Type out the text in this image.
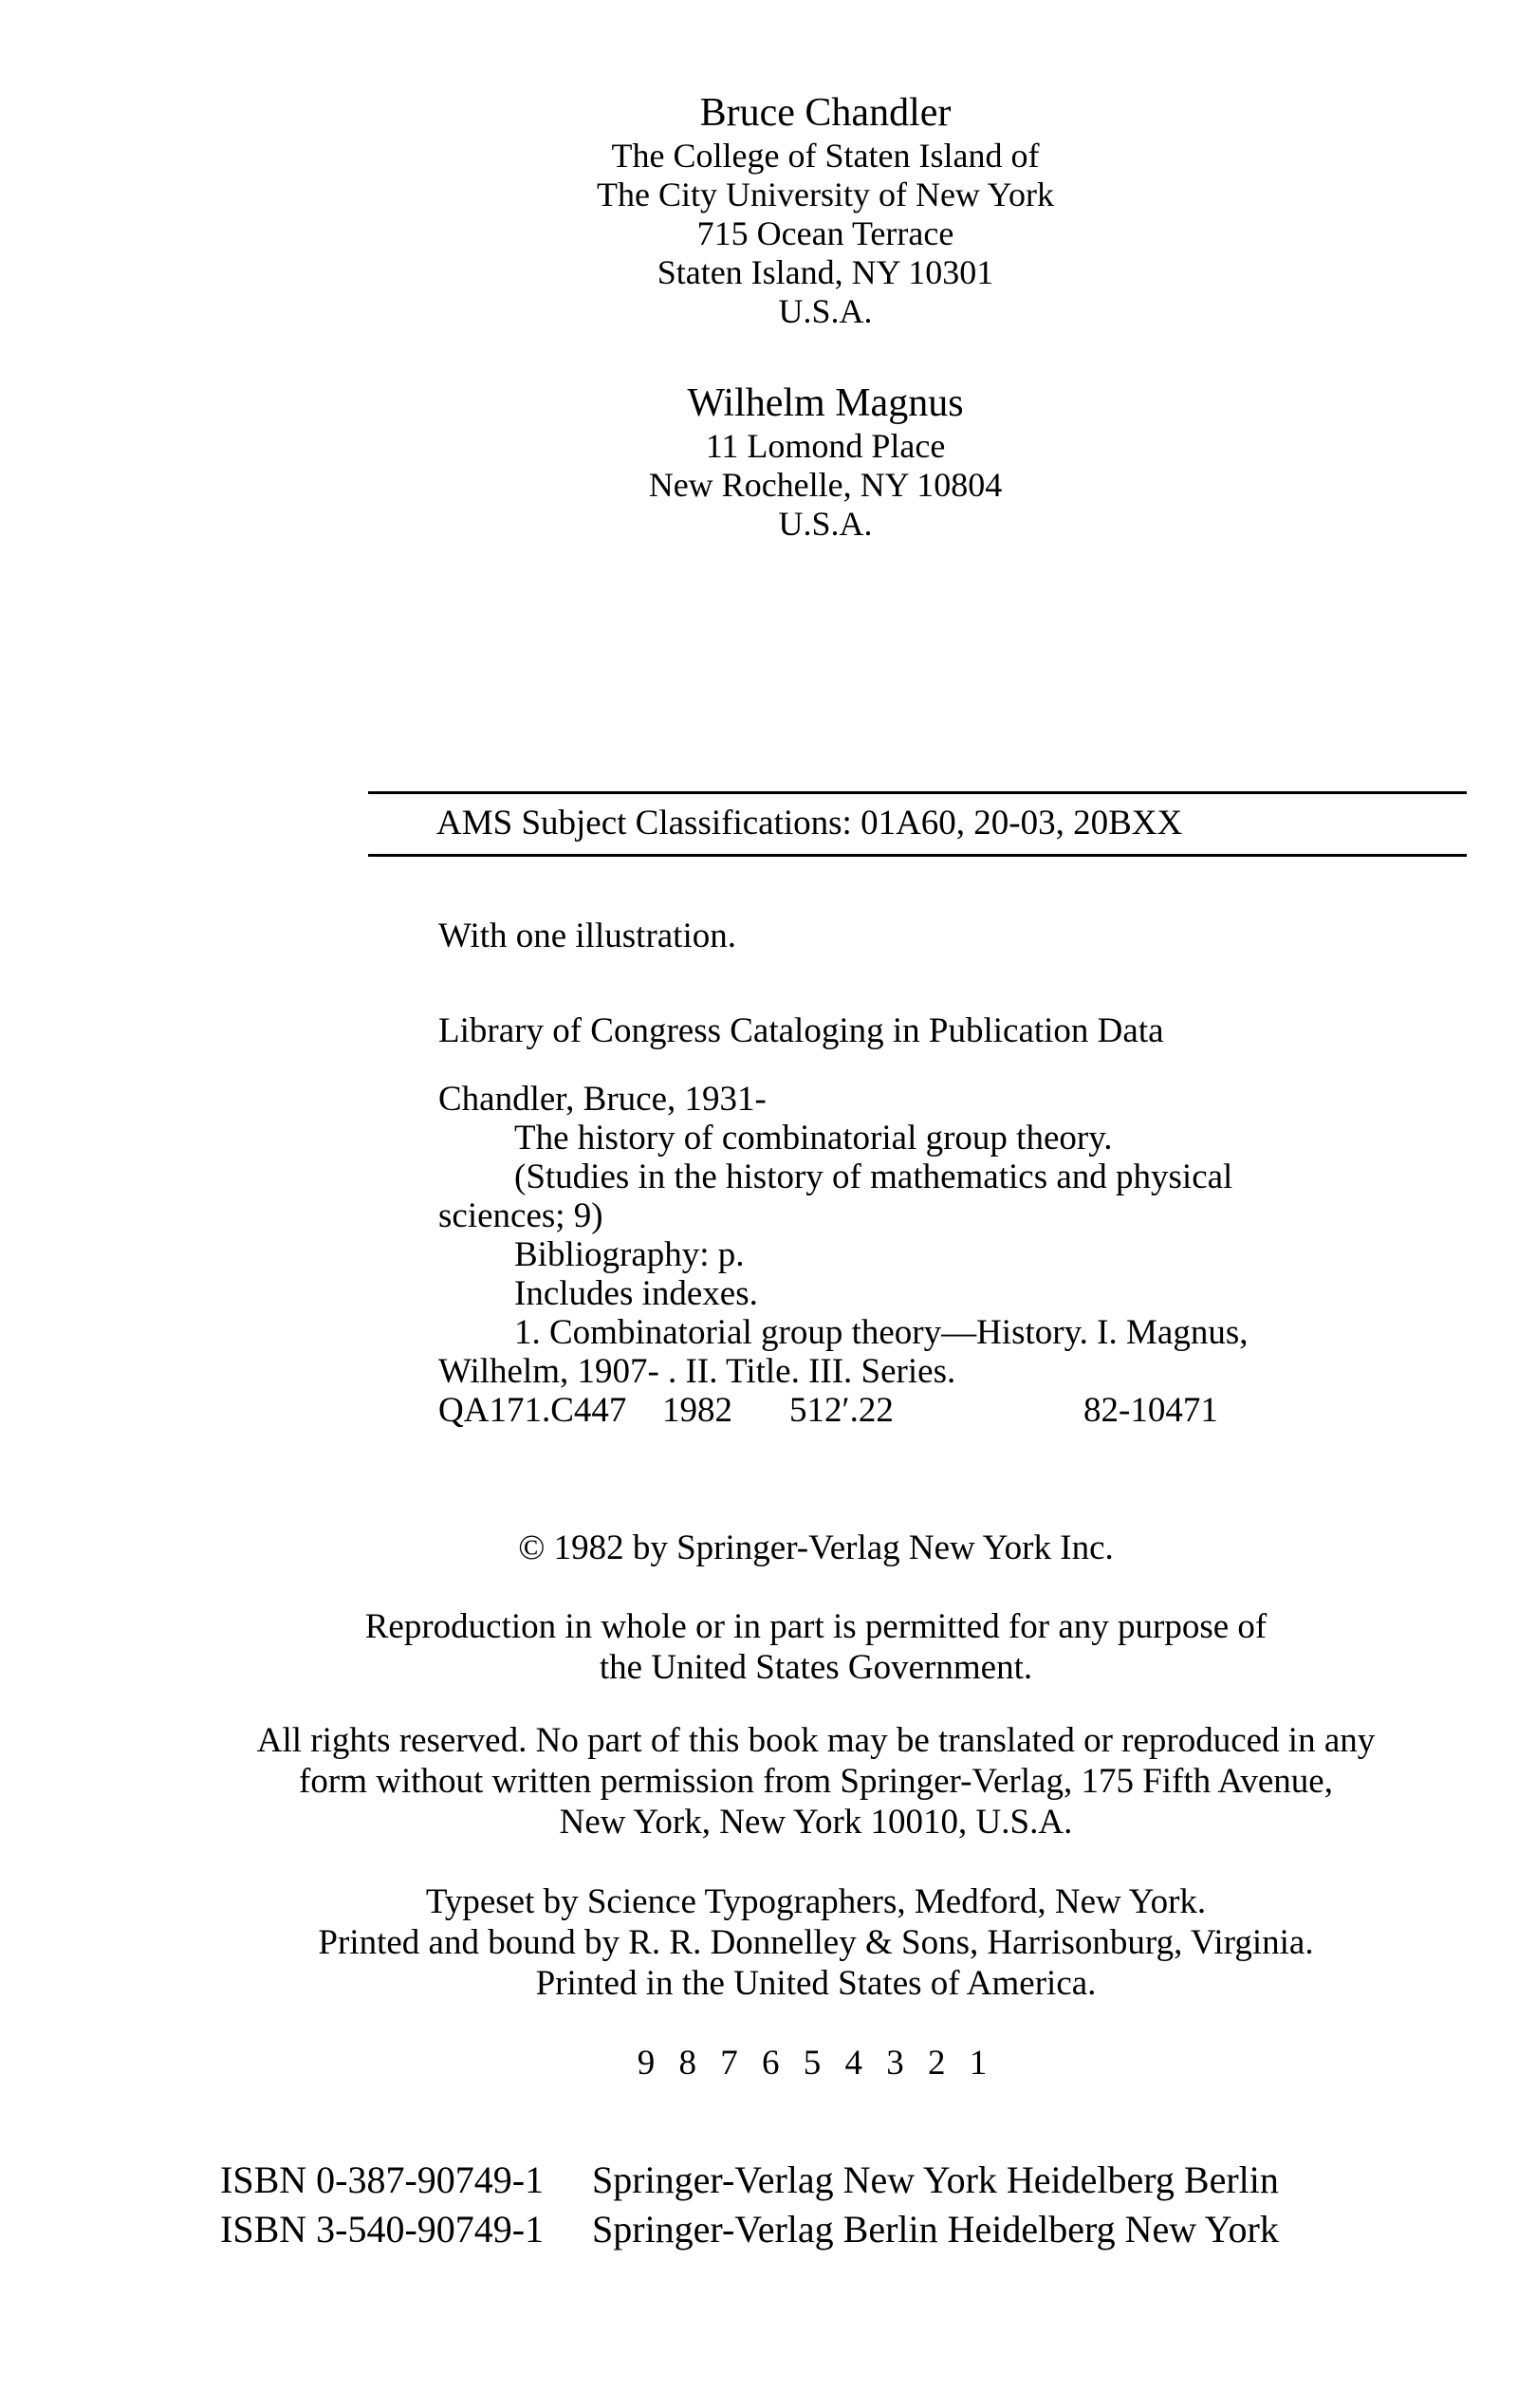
Bruce Chandler
The College of Staten Island of
The City University of New York
715 Ocean Terrace
Staten Island, NY 10301
U.S.A.
Wilhelm Magnus
11 Lomond Place
New Rochelle, NY 10804
U.S.A.
AMS Subject Classifications: 01A60, 20-03, 20BXX
With one illustration.
Library of Congress Cataloging in Publication Data
Chandler, Bruce, 1931-
The history of combinatorial group theory.
(Studies in the history of mathematics and physical
sciences; 9)
Bibliography: p.
Includes indexes.
1. Combinatorial group theory—History. I. Magnus,
Wilhelm, 1907- . II. Title. III. Series.
QA171.C447 1982 512′.22	82-10471
© 1982 by Springer-Verlag New York Inc.
Reproduction in whole or in part is permitted for any purpose of
the United States Government.
All rights reserved. No part of this book may be translated or reproduced in any
form without written permission from Springer-Verlag, 175 Fifth Avenue,
New York, New York 10010, U.S.A.
Typeset by Science Typographers, Medford, New York.
Printed and bound by R. R. Donnelley & Sons, Harrisonburg, Virginia.
Printed in the United States of America.
9 8 7 6 5 4 3 2 1
ISBN 0-387-90749-1 Springer-Verlag New York Heidelberg Berlin
ISBN 3-540-90749-1 Springer-Verlag Berlin Heidelberg New York
